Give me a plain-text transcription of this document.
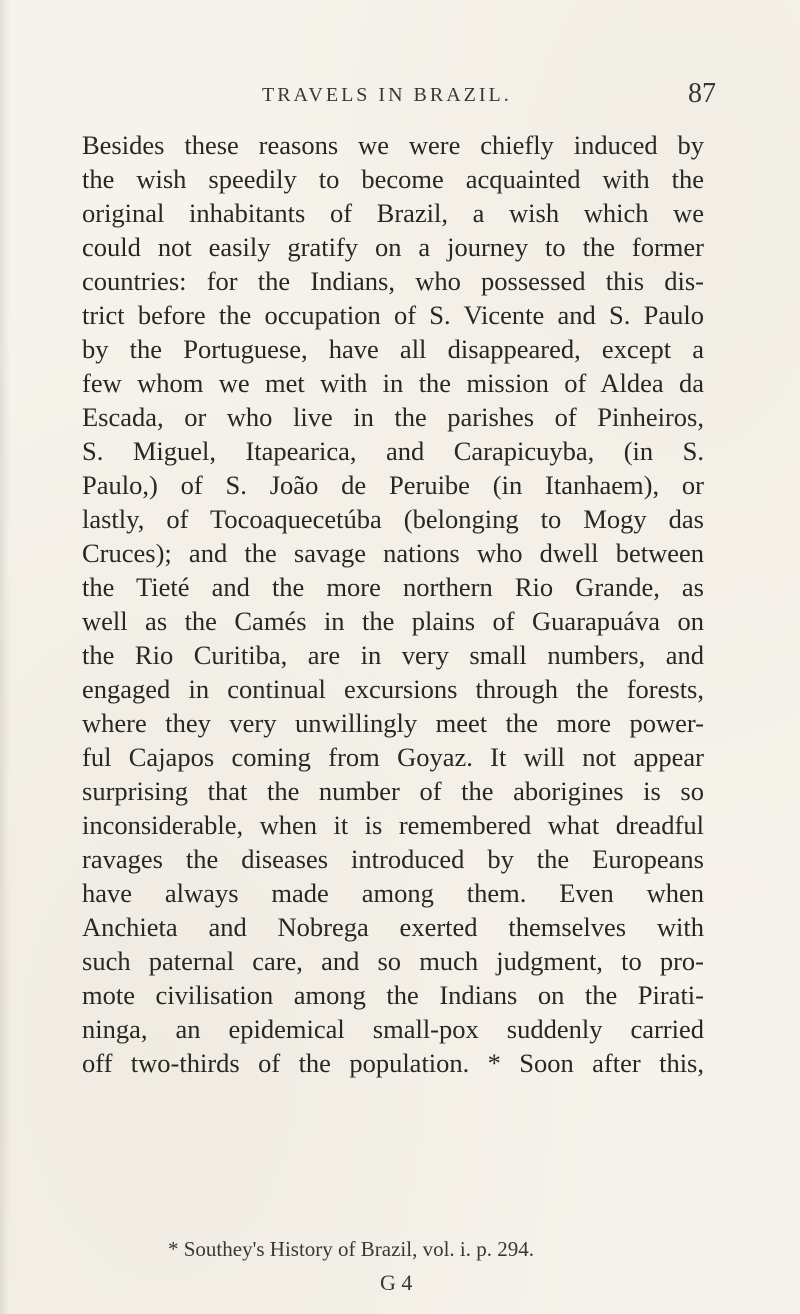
TRAVELS IN BRAZIL.	87
Besides these reasons we were chiefly induced by
the wish speedily to become acquainted with the
original inhabitants of Brazil, a wish which we
could not easily gratify on a journey to the former
countries: for the Indians, who possessed this dis-
trict before the occupation of S. Vicente and S. Paulo
by the Portuguese, have all disappeared, except a
few whom we met with in the mission of Aldea da
Escada, or who live in the parishes of Pinheiros,
S. Miguel, Itapearica, and Carapicuyba, (in S.
Paulo,) of S. João de Peruibe (in Itanhaem), or
lastly, of Tocoaquecetúba (belonging to Mogy das
Cruces); and the savage nations who dwell between
the Tieté and the more northern Rio Grande, as
well as the Camés in the plains of Guarapuáva on
the Rio Curitiba, are in very small numbers, and
engaged in continual excursions through the forests,
where they very unwillingly meet the more power-
ful Cajapos coming from Goyaz. It will not appear
surprising that the number of the aborigines is so
inconsiderable, when it is remembered what dreadful
ravages the diseases introduced by the Europeans
have always made among them. Even when
Anchieta and Nobrega exerted themselves with
such paternal care, and so much judgment, to pro-
mote civilisation among the Indians on the Pirati-
ninga, an epidemical small-pox suddenly carried
off two-thirds of the population. * Soon after this,
* Southey's History of Brazil, vol. i. p. 294.
G 4
